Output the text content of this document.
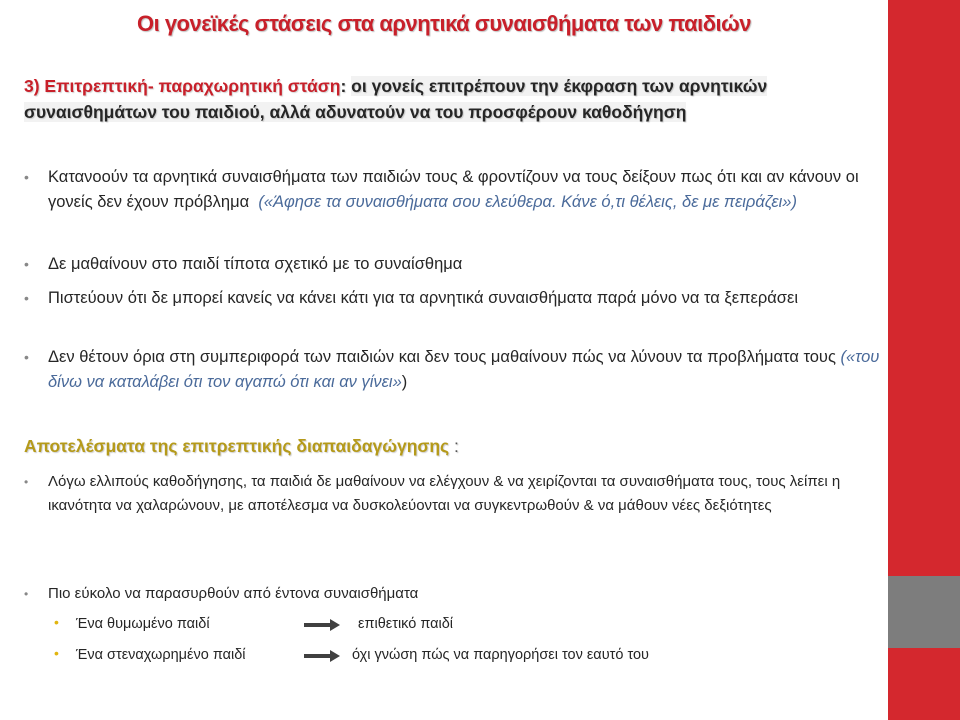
Οι γονεϊκές στάσεις στα αρνητικά συναισθήματα των παιδιών
3) Επιτρεπτική- παραχωρητική στάση: οι γονείς επιτρέπουν την έκφραση των αρνητικών συναισθημάτων του παιδιού, αλλά αδυνατούν να του προσφέρουν καθοδήγηση
• Κατανοούν τα αρνητικά συναισθήματα των παιδιών τους & φροντίζουν να τους δείξουν πως ότι και αν κάνουν οι γονείς δεν έχουν πρόβλημα («Άφησε τα συναισθήματα σου ελεύθερα. Κάνε ό,τι θέλεις, δε με πειράζει»)
• Δε μαθαίνουν στο παιδί τίποτα σχετικό με το συναίσθημα
• Πιστεύουν ότι δε μπορεί κανείς να κάνει κάτι για τα αρνητικά συναισθήματα παρά μόνο να τα ξεπεράσει
• Δεν θέτουν όρια στη συμπεριφορά των παιδιών και δεν τους μαθαίνουν πώς να λύνουν τα προβλήματα τους («του δίνω να καταλάβει ότι τον αγαπώ ότι και αν γίνει»)
Αποτελέσματα της επιτρεπτικής διαπαιδαγώγησης :
• Λόγω ελλιπούς καθοδήγησης, τα παιδιά δε μαθαίνουν να ελέγχουν & να χειρίζονται τα συναισθήματα τους, τους λείπει η ικανότητα να χαλαρώνουν, με αποτέλεσμα να δυσκολεύονται να συγκεντρωθούν & να μάθουν νέες δεξιότητες
• Πιο εύκολο να παρασυρθούν από έντονα συναισθήματα
• Ένα θυμωμένο παιδί	επιθετικό παιδί
• Ένα στεναχωρημένο παιδί	όχι γνώση πώς να παρηγορήσει τον εαυτό του
